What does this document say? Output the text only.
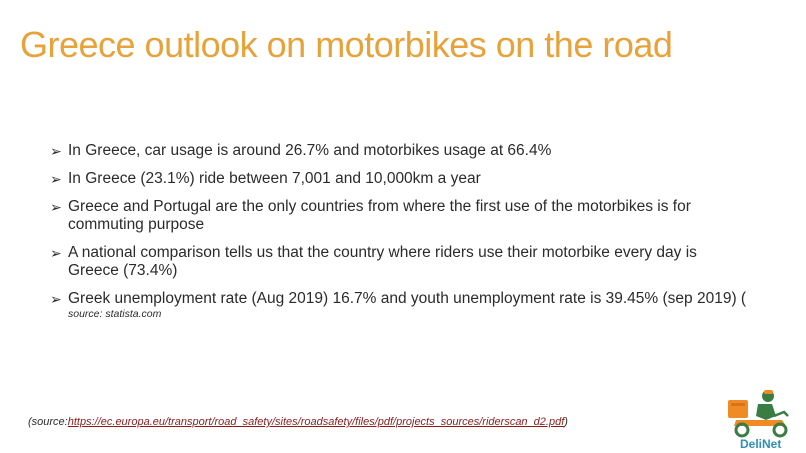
Greece outlook on motorbikes on the road
➢ In Greece, car usage is around 26.7% and motorbikes usage at 66.4%
➢ In Greece (23.1%) ride between 7,001 and 10,000km a year
➢ Greece and Portugal are the only countries from where the first use of the motorbikes is for commuting purpose
➢ A national comparison tells us that the country where riders use their motorbike every day is Greece (73.4%)
➢ Greek unemployment rate (Aug 2019) 16.7% and youth unemployment rate is 39.45% (sep 2019) (
source: statista.com
(source:https://ec.europa.eu/transport/road_safety/sites/roadsafety/files/pdf/projects_sources/riderscan_d2.pdf)
DeliNet
